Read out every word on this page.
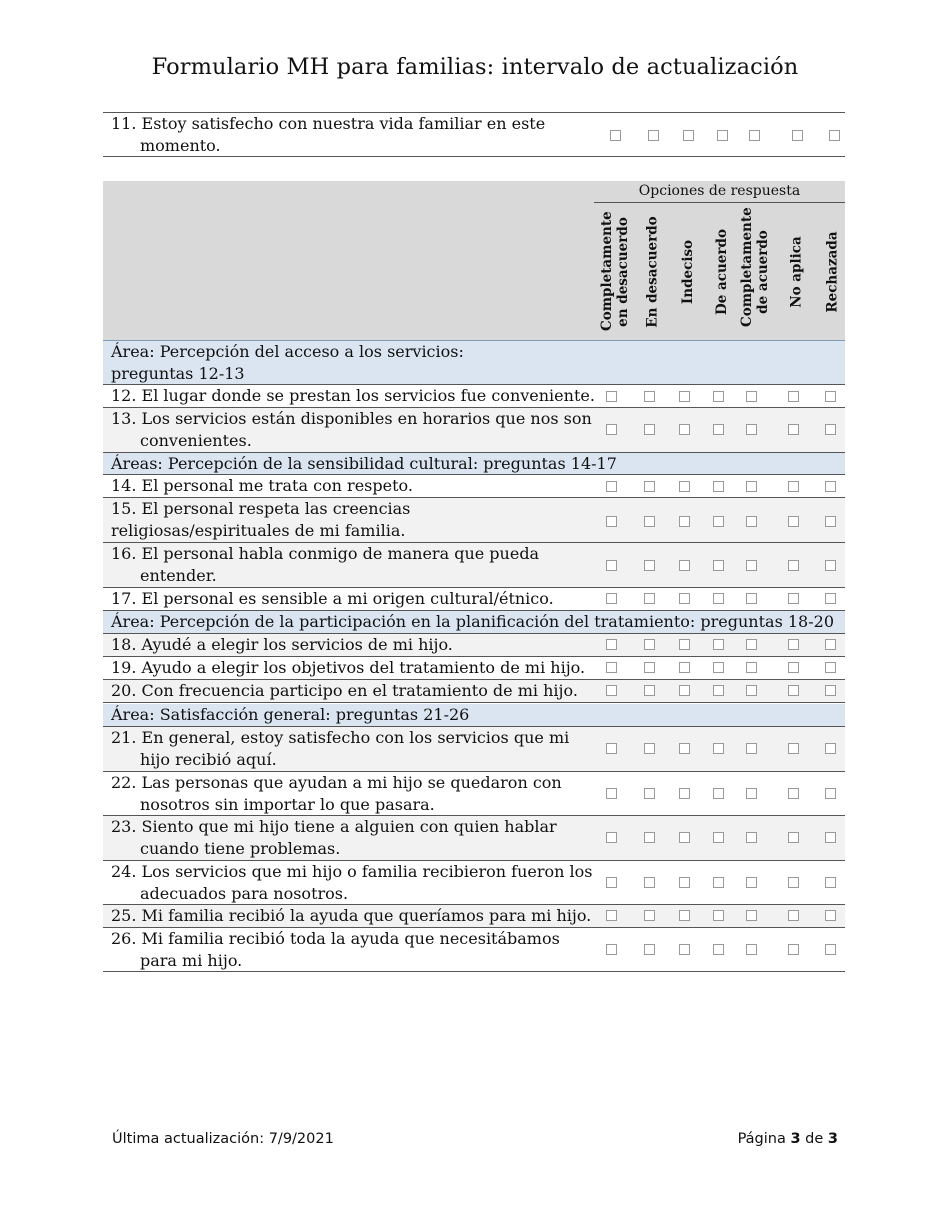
Formulario MH para familias: intervalo de actualización
11. Estoy satisfecho con nuestra vida familiar en este momento.
Opciones de respuesta
Completamente en desacuerdo En desacuerdo Indeciso De acuerdo Completamente de acuerdo No aplica Rechazada
Área: Percepción del acceso a los servicios: preguntas 12-13
12. El lugar donde se prestan los servicios fue conveniente.
13. Los servicios están disponibles en horarios que nos son convenientes.
Áreas: Percepción de la sensibilidad cultural: preguntas 14-17
14. El personal me trata con respeto.
15. El personal respeta las creencias religiosas/espirituales de mi familia.
16. El personal habla conmigo de manera que pueda entender.
17. El personal es sensible a mi origen cultural/étnico.
Área: Percepción de la participación en la planificación del tratamiento: preguntas 18-20
18. Ayudé a elegir los servicios de mi hijo.
19. Ayudo a elegir los objetivos del tratamiento de mi hijo.
20. Con frecuencia participo en el tratamiento de mi hijo.
Área: Satisfacción general: preguntas 21-26
21. En general, estoy satisfecho con los servicios que mi hijo recibió aquí.
22. Las personas que ayudan a mi hijo se quedaron con nosotros sin importar lo que pasara.
23. Siento que mi hijo tiene a alguien con quien hablar cuando tiene problemas.
24. Los servicios que mi hijo o familia recibieron fueron los adecuados para nosotros.
25. Mi familia recibió la ayuda que queríamos para mi hijo.
26. Mi familia recibió toda la ayuda que necesitábamos para mi hijo.
Última actualización: 7/9/2021	Página 3 de 3
